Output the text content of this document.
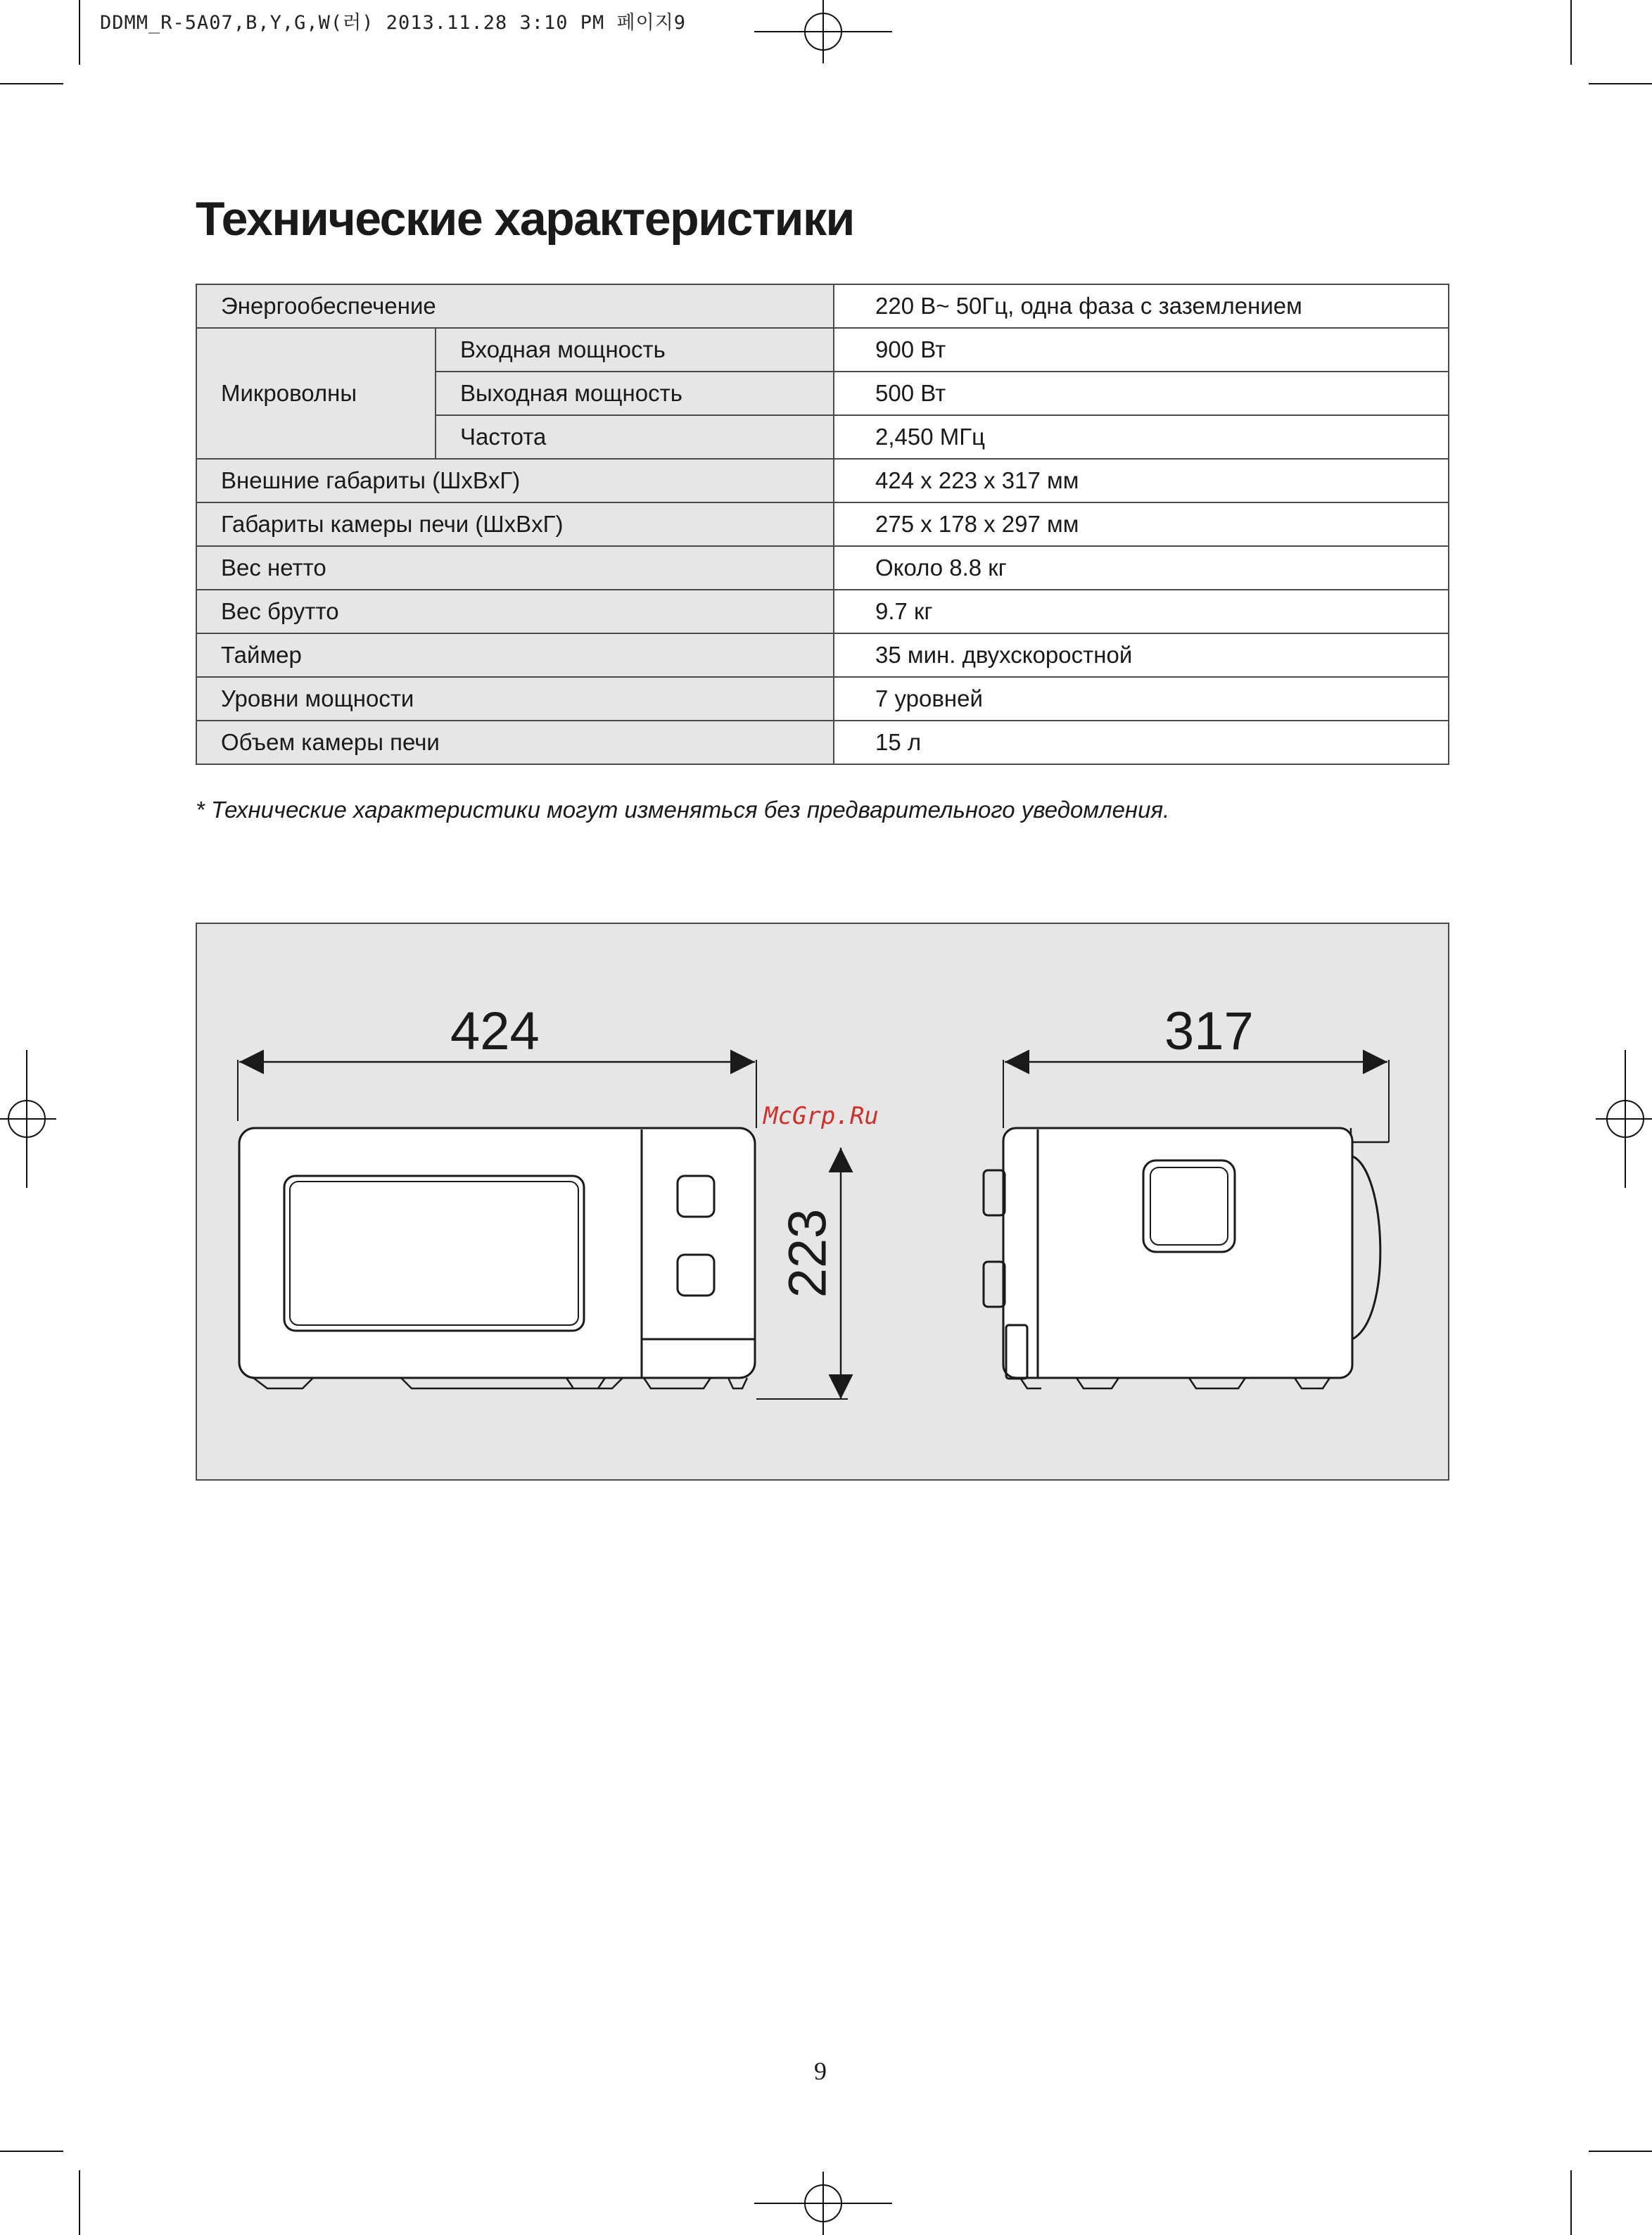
DDMM_R-5A07,B,Y,G,W(러) 2013.11.28 3:10 PM 페이지9
Технические характеристики
Энергообеспечение		220 В~ 50Гц, одна фаза с заземлением
Микроволны	Входная мощность	900 Вт
	Выходная мощность	500 Вт
	Частота	2,450 МГц
Внешние габариты (ШxВxГ)		424 x 223 x 317 мм
Габариты камеры печи (ШxВxГ)		275 x 178 x 297 мм
Вес нетто		Около 8.8 кг
Вес брутто		9.7 кг
Таймер		35 мин. двухскоростной
Уровни мощности		7 уровней
Объем камеры печи		15 л

* Технические характеристики могут изменяться без предварительного уведомления.

424	317
223
McGrp.Ru
9
